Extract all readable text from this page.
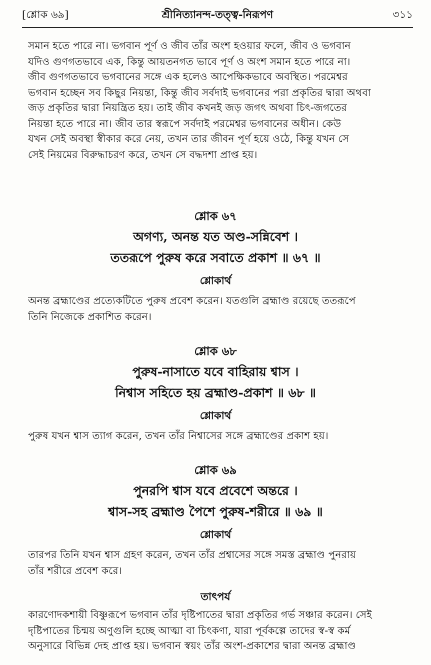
[শ্লোক ৬৯]	শ্রীনিত্যানন্দ-তত্ত্ব-নিরূপণ	৩১১
সমান হতে পারে না। ভগবান পূর্ণ ও জীব তাঁর অংশ হওয়ার ফলে, জীব ও ভগবান
যদিও গুণগতভাবে এক, কিন্তু আয়তনগত ভাবে পূর্ণ ও অংশ সমান হতে পারে না।
জীব গুণগতভাবে ভগবানের সঙ্গে এক হলেও আপেক্ষিকভাবে অবস্থিত। পরমেশ্বর
ভগবান হচ্ছেন সব কিছুর নিয়ন্তা, কিন্তু জীব সর্বদাই ভগবানের পরা প্রকৃতির দ্বারা অথবা
জড় প্রকৃতির দ্বারা নিয়ন্ত্রিত হয়। তাই জীব কখনই জড় জগৎ অথবা চিৎ-জগতের
নিয়ন্তা হতে পারে না। জীব তার স্বরূপে সর্বদাই পরমেশ্বর ভগবানের অধীন। কেউ
যখন সেই অবস্থা স্বীকার করে নেয়, তখন তার জীবন পূর্ণ হয়ে ওঠে, কিন্তু যখন সে
সেই নিয়মের বিরুদ্ধাচরণ করে, তখন সে বদ্ধদশা প্রাপ্ত হয়।
শ্লোক ৬৭
অগণ্য, অনন্ত যত অণ্ড-সন্নিবেশ ।
ততরূপে পুরুষ করে সবাতে প্রকাশ ॥ ৬৭ ॥
শ্লোকার্থ
অনন্ত ব্রহ্মাণ্ডের প্রত্যেকটিতে পুরুষ প্রবেশ করেন। যতগুলি ব্রহ্মাণ্ড রয়েছে ততরূপে
তিনি নিজেকে প্রকাশিত করেন।
শ্লোক ৬৮
পুরুষ-নাসাতে যবে বাহিরায় শ্বাস ।
নিশ্বাস সহিতে হয় ব্রহ্মাণ্ড-প্রকাশ ॥ ৬৮ ॥
শ্লোকার্থ
পুরুষ যখন শ্বাস ত্যাগ করেন, তখন তাঁর নিশ্বাসের সঙ্গে ব্রহ্মাণ্ডের প্রকাশ হয়।
শ্লোক ৬৯
পুনরপি শ্বাস যবে প্রবেশে অন্তরে ।
শ্বাস-সহ ব্রহ্মাণ্ড পৈশে পুরুষ-শরীরে ॥ ৬৯ ॥
শ্লোকার্থ
তারপর তিনি যখন শ্বাস গ্রহণ করেন, তখন তাঁর প্রশ্বাসের সঙ্গে সমস্ত ব্রহ্মাণ্ড পুনরায়
তাঁর শরীরে প্রবেশ করে।
তাৎপর্য
কারণোদকশায়ী বিষ্ণুরূপে ভগবান তাঁর দৃষ্টিপাতের দ্বারা প্রকৃতির গর্ভ সঞ্চার করেন। সেই
দৃষ্টিপাতের চিন্ময় অণুগুলি হচ্ছে আত্মা বা চিৎকণা, যারা পূর্বকল্পে তাদের স্ব-স্ব কর্ম
অনুসারে বিভিন্ন দেহ প্রাপ্ত হয়। ভগবান স্বয়ং তাঁর অংশ-প্রকাশের দ্বারা অনন্ত ব্রহ্মাণ্ড
